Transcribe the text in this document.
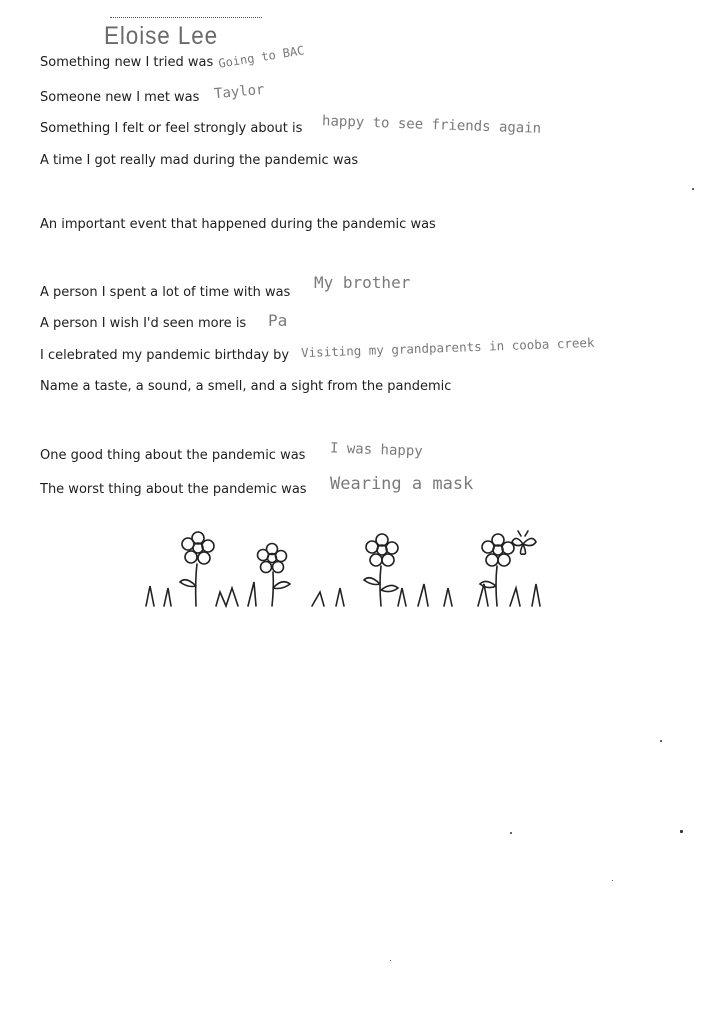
Eloise Lee
Something new I tried was Going to BAC
Someone new I met was Taylor
Something I felt or feel strongly about is happy to see friends again
A time I got really mad during the pandemic was
An important event that happened during the pandemic was
A person I spent a lot of time with was
My brother
A person I wish I'd seen more is Pa
I celebrated my pandemic birthday by Visiting my grandparents in cooba creek
Name a taste, a sound, a smell, and a sight from the pandemic
One good thing about the pandemic was I was happy
The worst thing about the pandemic was Wearing a mask
